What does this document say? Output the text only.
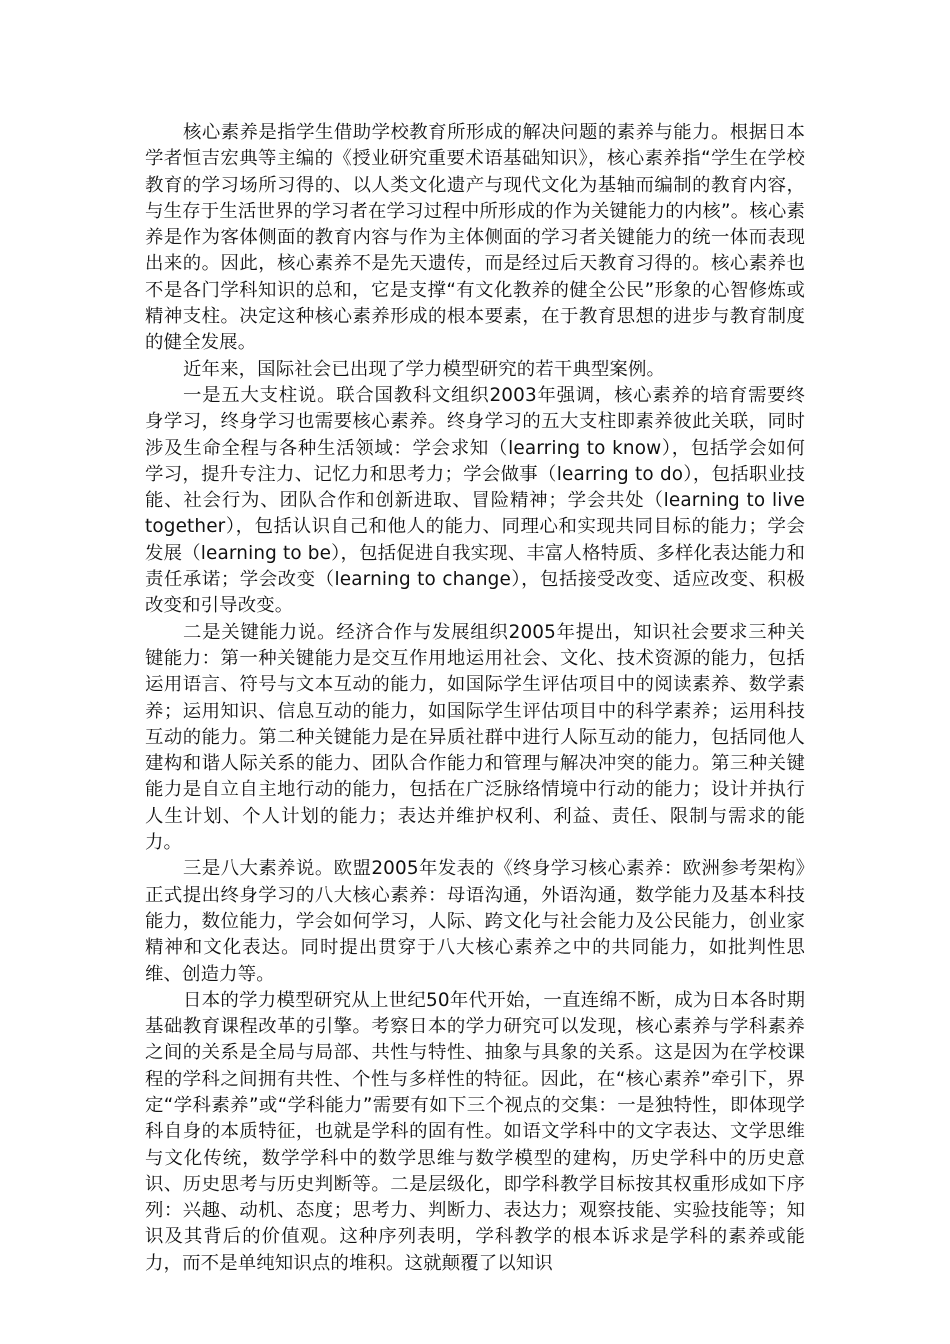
核心素养是指学生借助学校教育所形成的解决问题的素养与能力。根据日本学者恒吉宏典等主编的《授业研究重要术语基础知识》，核心素养指“学生在学校教育的学习场所习得的、以人类文化遗产与现代文化为基轴而编制的教育内容，与生存于生活世界的学习者在学习过程中所形成的作为关键能力的内核”。核心素养是作为客体侧面的教育内容与作为主体侧面的学习者关键能力的统一体而表现出来的。因此，核心素养不是先天遗传，而是经过后天教育习得的。核心素养也不是各门学科知识的总和，它是支撑“有文化教养的健全公民”形象的心智修炼或精神支柱。决定这种核心素养形成的根本要素，在于教育思想的进步与教育制度的健全发展。

近年来，国际社会已出现了学力模型研究的若干典型案例。

一是五大支柱说。联合国教科文组织2003年强调，核心素养的培育需要终身学习，终身学习也需要核心素养。终身学习的五大支柱即素养彼此关联，同时涉及生命全程与各种生活领域：学会求知（learring to know），包括学会如何学习，提升专注力、记忆力和思考力；学会做事（learring to do），包括职业技能、社会行为、团队合作和创新进取、冒险精神；学会共处（learning to live together），包括认识自己和他人的能力、同理心和实现共同目标的能力；学会发展（learning to be），包括促进自我实现、丰富人格特质、多样化表达能力和责任承诺；学会改变（learning to change），包括接受改变、适应改变、积极改变和引导改变。

二是关键能力说。经济合作与发展组织2005年提出，知识社会要求三种关键能力：第一种关键能力是交互作用地运用社会、文化、技术资源的能力，包括运用语言、符号与文本互动的能力，如国际学生评估项目中的阅读素养、数学素养；运用知识、信息互动的能力，如国际学生评估项目中的科学素养；运用科技互动的能力。第二种关键能力是在异质社群中进行人际互动的能力，包括同他人建构和谐人际关系的能力、团队合作能力和管理与解决冲突的能力。第三种关键能力是自立自主地行动的能力，包括在广泛脉络情境中行动的能力；设计并执行人生计划、个人计划的能力；表达并维护权利、利益、责任、限制与需求的能力。

三是八大素养说。欧盟2005年发表的《终身学习核心素养：欧洲参考架构》正式提出终身学习的八大核心素养：母语沟通，外语沟通，数学能力及基本科技能力，数位能力，学会如何学习，人际、跨文化与社会能力及公民能力，创业家精神和文化表达。同时提出贯穿于八大核心素养之中的共同能力，如批判性思维、创造力等。

日本的学力模型研究从上世纪50年代开始，一直连绵不断，成为日本各时期基础教育课程改革的引擎。考察日本的学力研究可以发现，核心素养与学科素养之间的关系是全局与局部、共性与特性、抽象与具象的关系。这是因为在学校课程的学科之间拥有共性、个性与多样性的特征。因此，在“核心素养”牵引下，界定“学科素养”或“学科能力”需要有如下三个视点的交集：一是独特性，即体现学科自身的本质特征，也就是学科的固有性。如语文学科中的文字表达、文学思维与文化传统，数学学科中的数学思维与数学模型的建构，历史学科中的历史意识、历史思考与历史判断等。二是层级化，即学科教学目标按其权重形成如下序列：兴趣、动机、态度；思考力、判断力、表达力；观察技能、实验技能等；知识及其背后的价值观。这种序列表明，学科教学的根本诉求是学科的素养或能力，而不是单纯知识点的堆积。这就颠覆了以知识
